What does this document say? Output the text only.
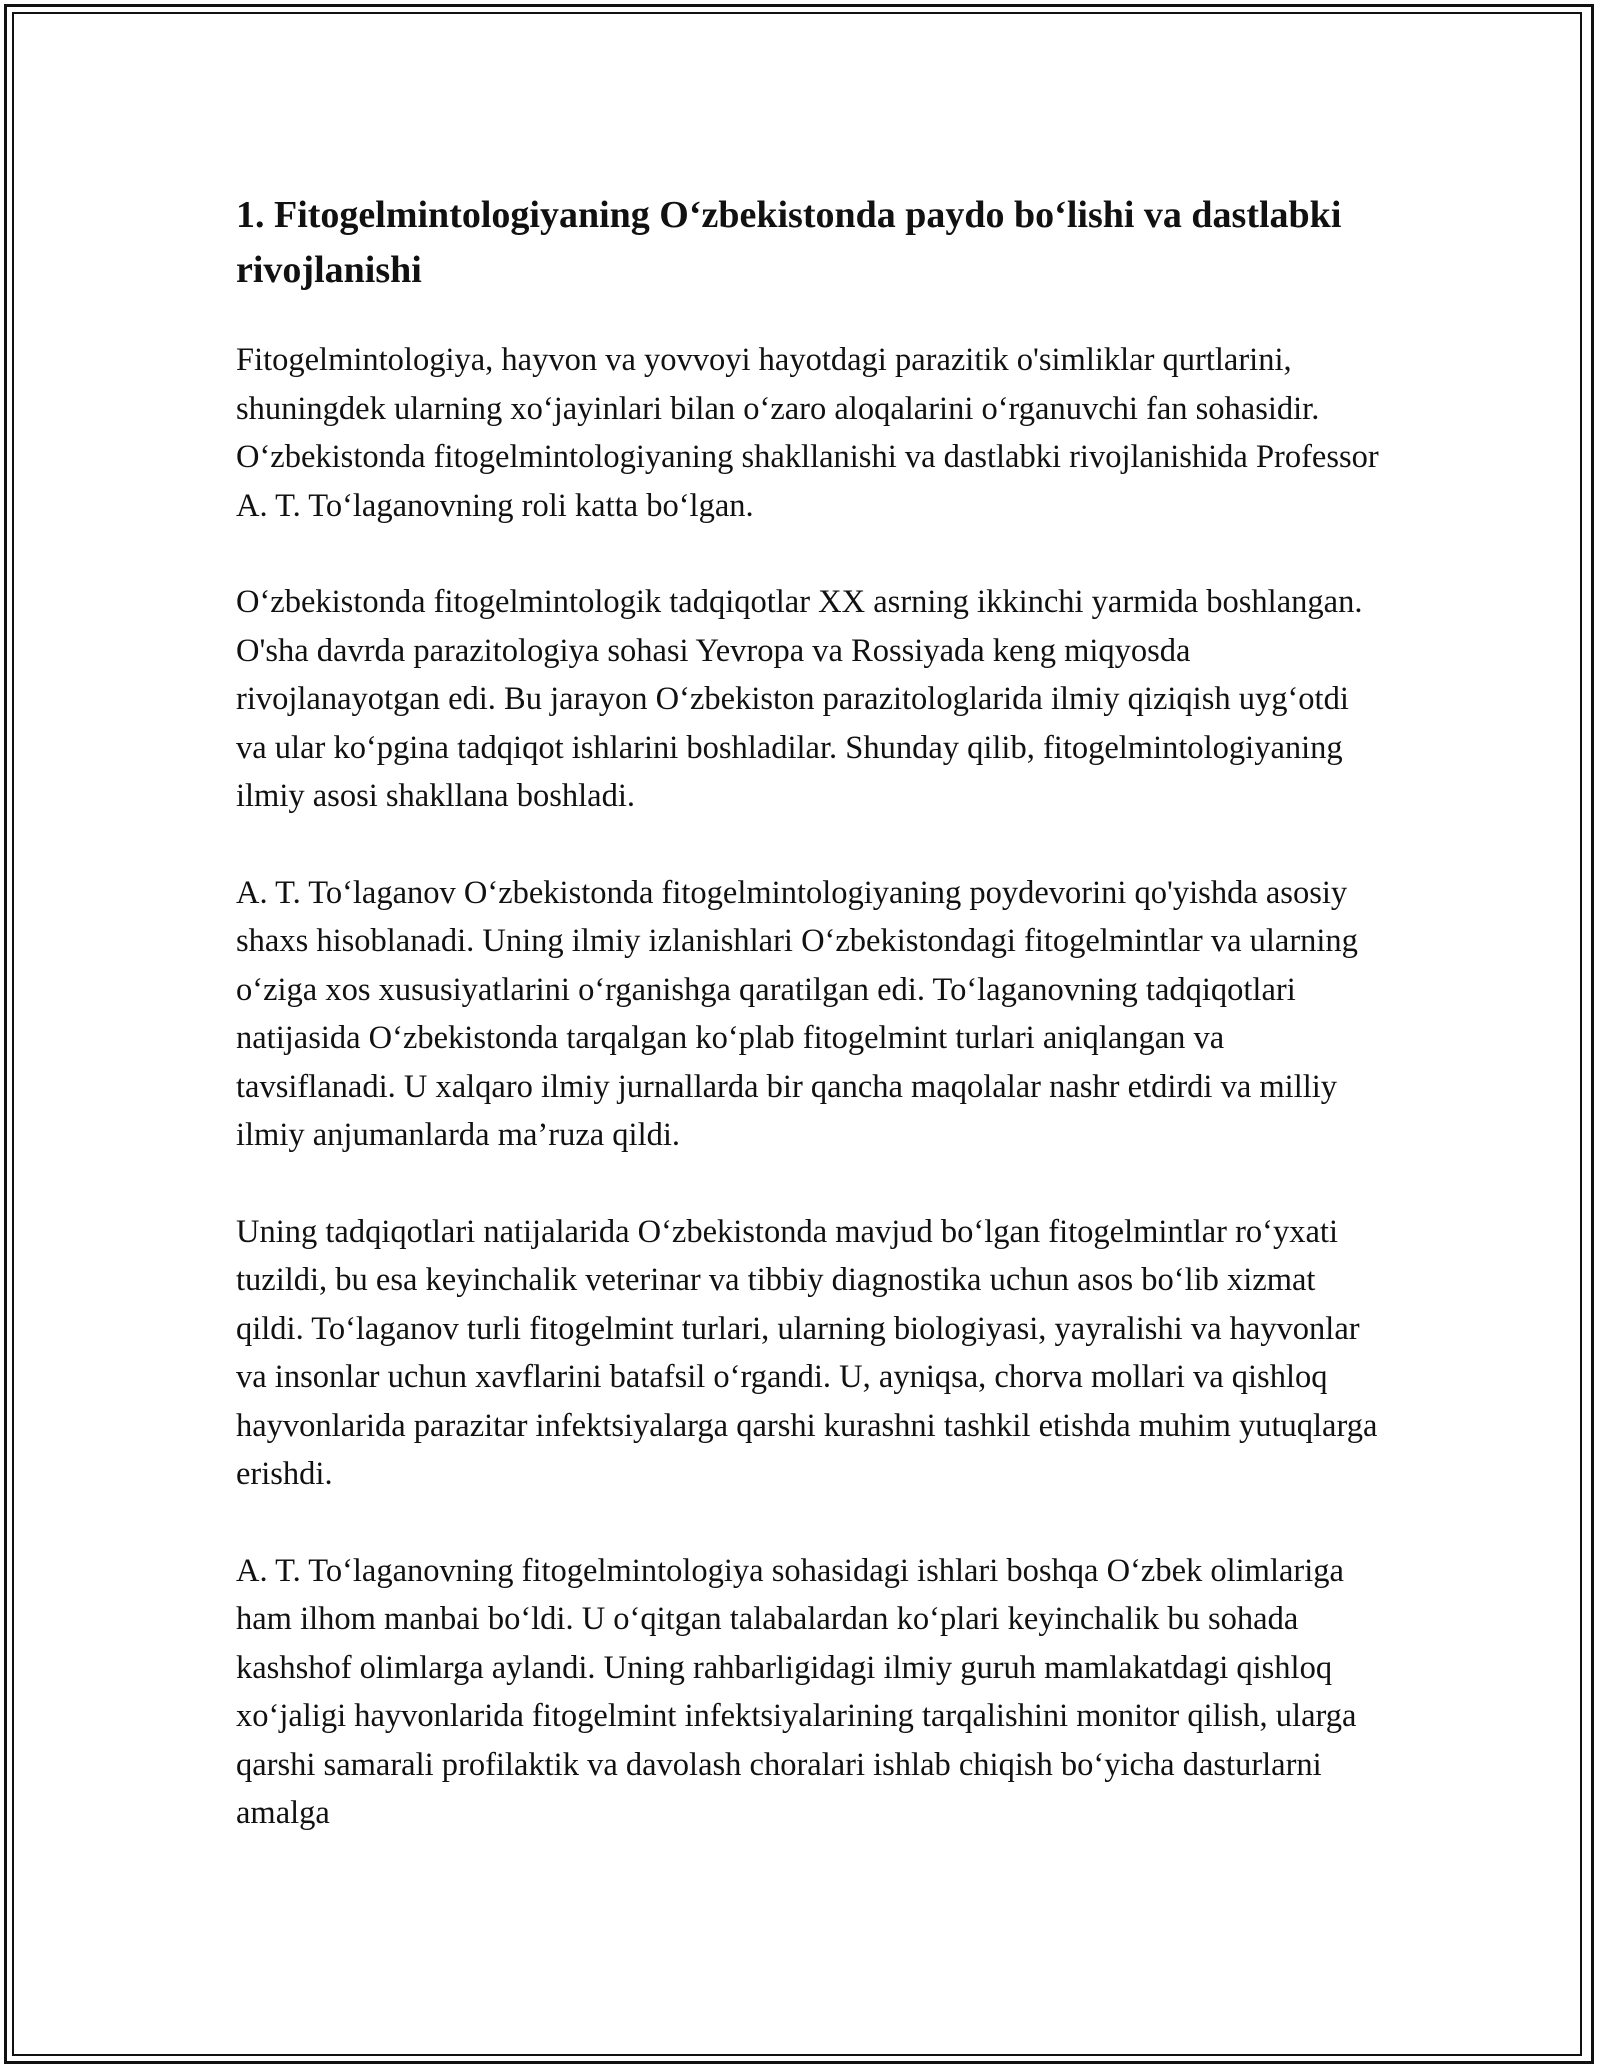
1. Fitogelmintologiyaning O‘zbekistonda paydo bo‘lishi va dastlabki rivojlanishi

Fitogelmintologiya, hayvon va yovvoyi hayotdagi parazitik o'simliklar qurtlarini, shuningdek ularning xo‘jayinlari bilan o‘zaro aloqalarini o‘rganuvchi fan sohasidir. O‘zbekistonda fitogelmintologiyaning shakllanishi va dastlabki rivojlanishida Professor A. T. To‘laganovning roli katta bo‘lgan.

O‘zbekistonda fitogelmintologik tadqiqotlar XX asrning ikkinchi yarmida boshlangan. O'sha davrda parazitologiya sohasi Yevropa va Rossiyada keng miqyosda rivojlanayotgan edi. Bu jarayon O‘zbekiston parazitologlarida ilmiy qiziqish uyg‘otdi va ular ko‘pgina tadqiqot ishlarini boshladilar. Shunday qilib, fitogelmintologiyaning ilmiy asosi shakllana boshladi.

A. T. To‘laganov O‘zbekistonda fitogelmintologiyaning poydevorini qo'yishda asosiy shaxs hisoblanadi. Uning ilmiy izlanishlari O‘zbekistondagi fitogelmintlar va ularning o‘ziga xos xususiyatlarini o‘rganishga qaratilgan edi. To‘laganovning tadqiqotlari natijasida O‘zbekistonda tarqalgan ko‘plab fitogelmint turlari aniqlangan va tavsiflanadi. U xalqaro ilmiy jurnallarda bir qancha maqolalar nashr etdirdi va milliy ilmiy anjumanlarda ma’ruza qildi.

Uning tadqiqotlari natijalarida O‘zbekistonda mavjud bo‘lgan fitogelmintlar ro‘yxati tuzildi, bu esa keyinchalik veterinar va tibbiy diagnostika uchun asos bo‘lib xizmat qildi. To‘laganov turli fitogelmint turlari, ularning biologiyasi, yayralishi va hayvonlar va insonlar uchun xavflarini batafsil o‘rgandi. U, ayniqsa, chorva mollari va qishloq hayvonlarida parazitar infektsiyalarga qarshi kurashni tashkil etishda muhim yutuqlarga erishdi.

A. T. To‘laganovning fitogelmintologiya sohasidagi ishlari boshqa O‘zbek olimlariga ham ilhom manbai bo‘ldi. U o‘qitgan talabalardan ko‘plari keyinchalik bu sohada kashshof olimlarga aylandi. Uning rahbarligidagi ilmiy guruh mamlakatdagi qishloq xo‘jaligi hayvonlarida fitogelmint infektsiyalarining tarqalishini monitor qilish, ularga qarshi samarali profilaktik va davolash choralari ishlab chiqish bo‘yicha dasturlarni amalga
